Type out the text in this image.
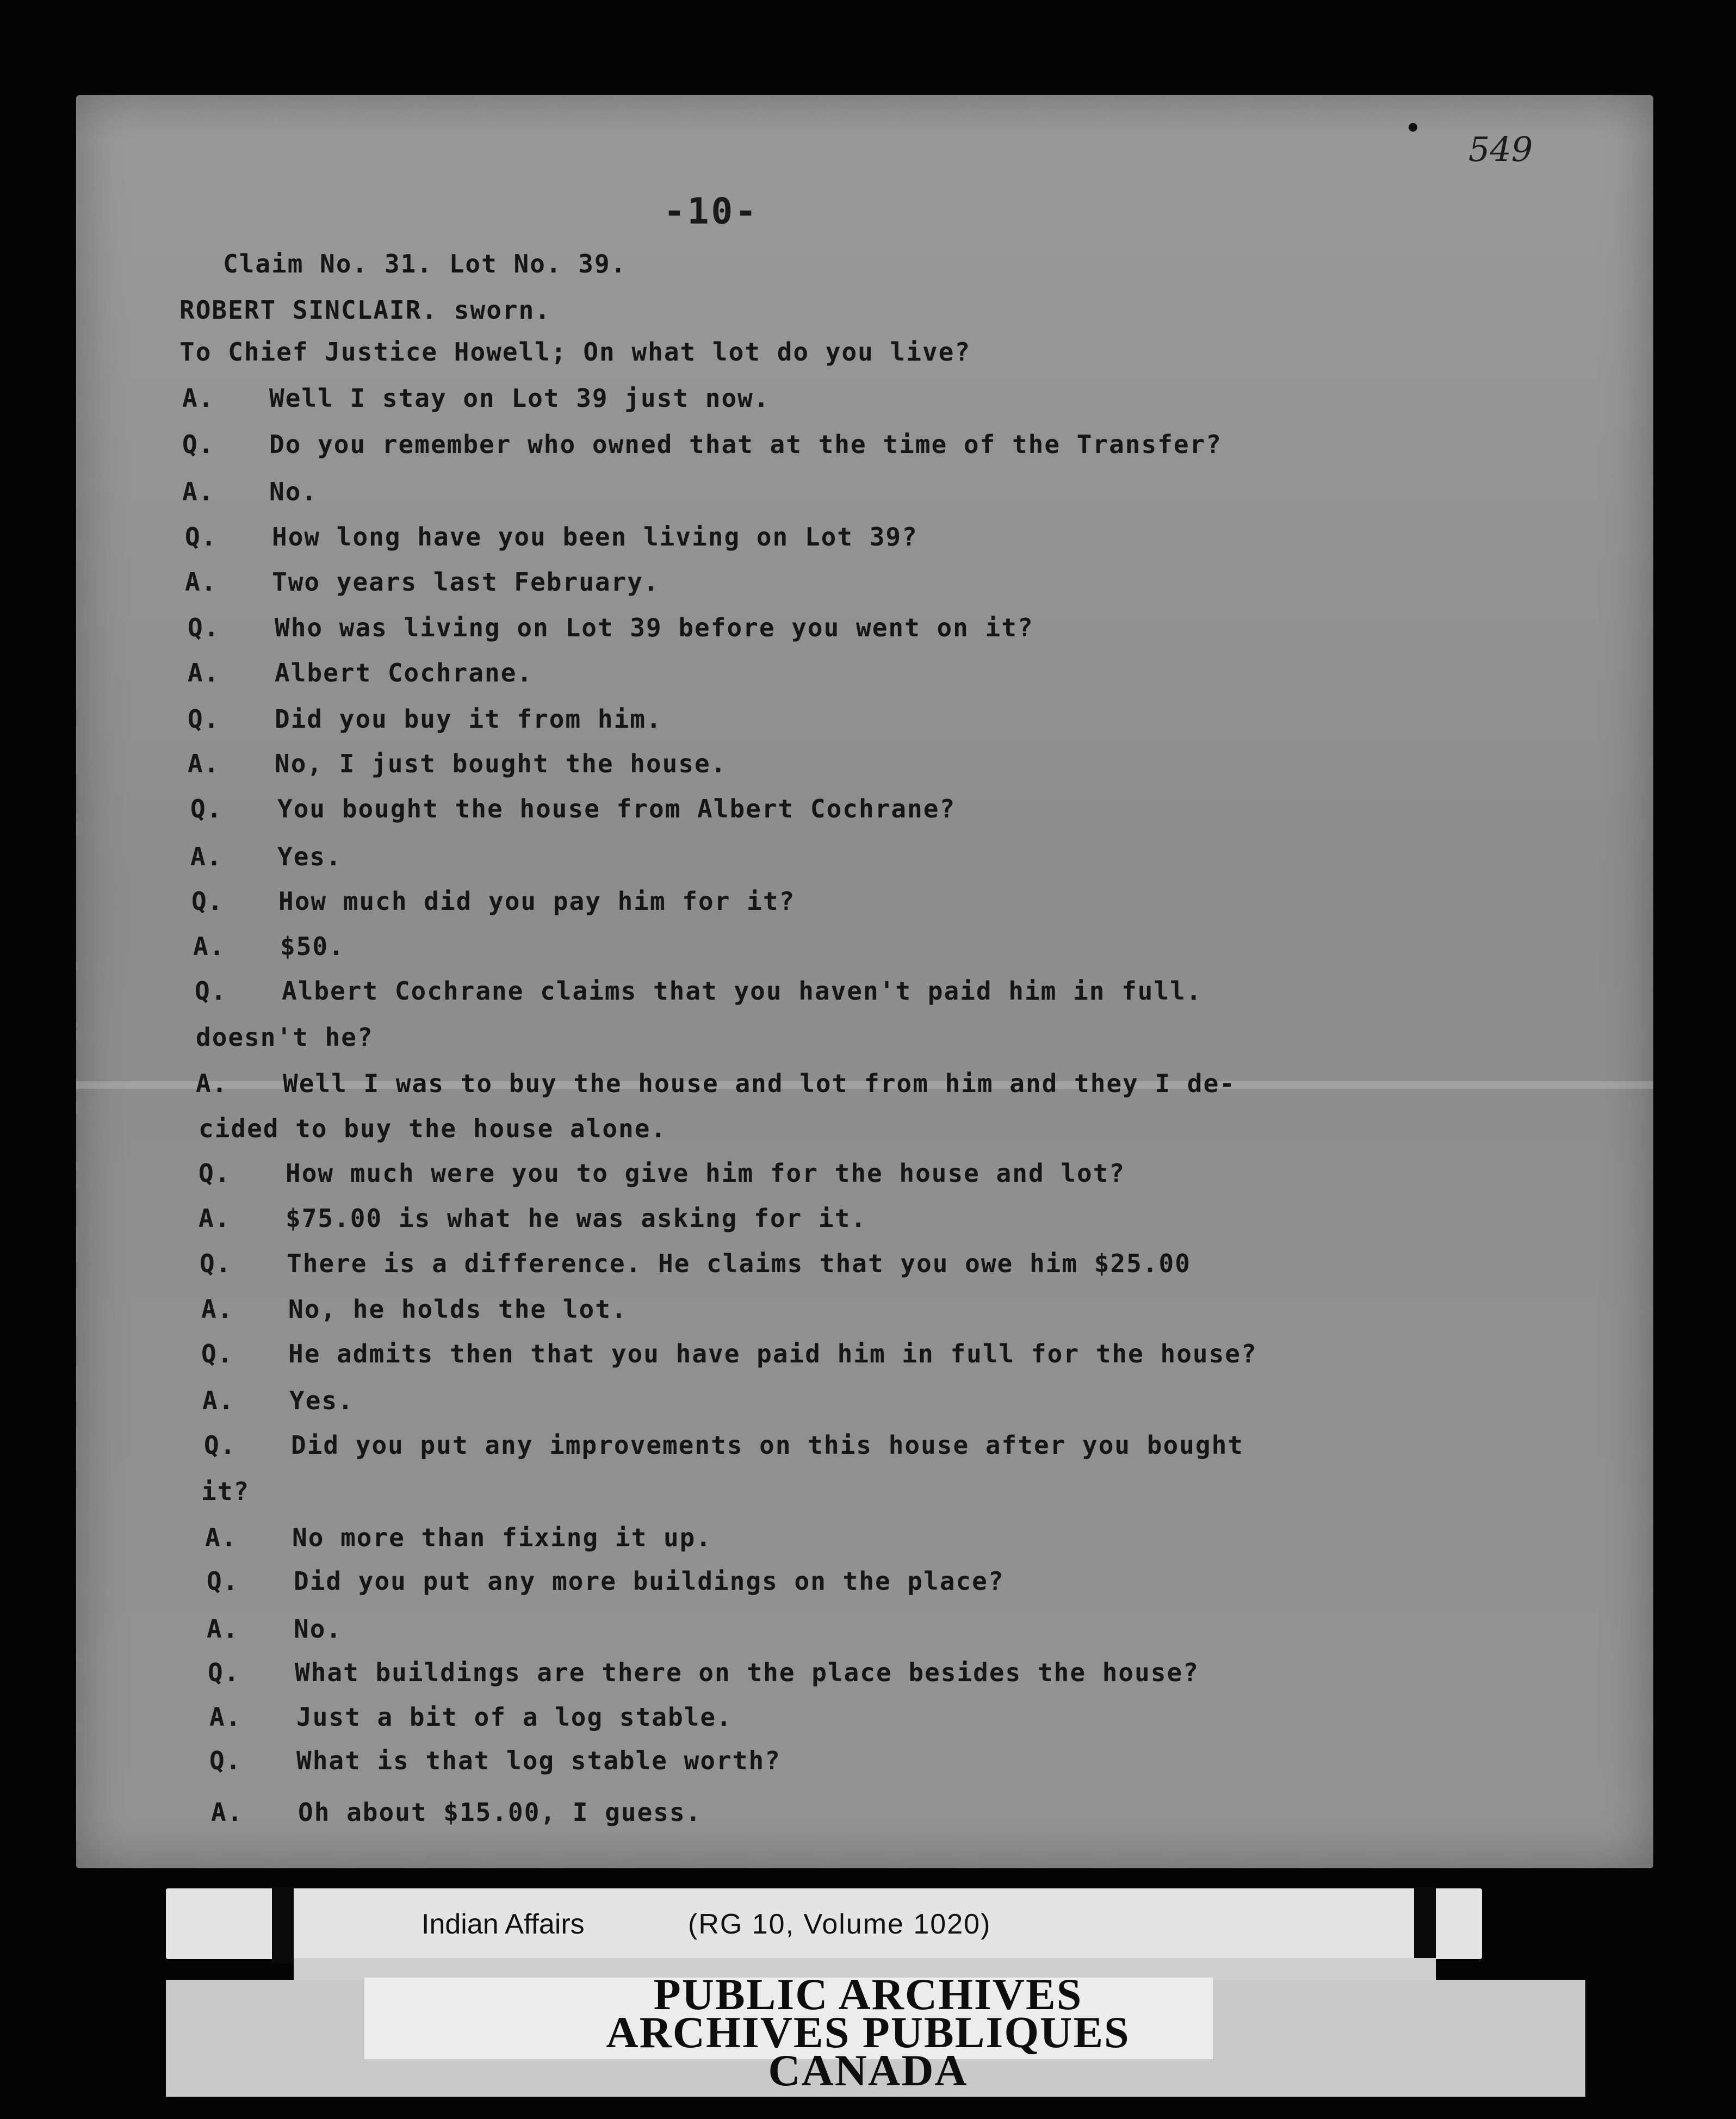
549
-10-
Claim No. 31. Lot No. 39.
ROBERT SINCLAIR. sworn.
To Chief Justice Howell; On what lot do you live?
A. Well I stay on Lot 39 just now.
Q. Do you remember who owned that at the time of the Transfer?
A. No.
Q. How long have you been living on Lot 39?
A. Two years last February.
Q. Who was living on Lot 39 before you went on it?
A. Albert Cochrane.
Q. Did you buy it from him.
A. No, I just bought the house.
Q. You bought the house from Albert Cochrane?
A. Yes.
Q. How much did you pay him for it?
A. $50.
Q. Albert Cochrane claims that you haven't paid him in full.
doesn't he?
A. Well I was to buy the house and lot from him and they I de-
cided to buy the house alone.
Q. How much were you to give him for the house and lot?
A. $75.00 is what he was asking for it.
Q. There is a difference. He claims that you owe him $25.00
A. No, he holds the lot.
Q. He admits then that you have paid him in full for the house?
A. Yes.
Q. Did you put any improvements on this house after you bought
it?
A. No more than fixing it up.
Q. Did you put any more buildings on the place?
A. No.
Q. What buildings are there on the place besides the house?
A. Just a bit of a log stable.
Q. What is that log stable worth?
A. Oh about $15.00, I guess.
Indian Affairs	(RG 10, Volume 1020)
PUBLIC ARCHIVES
ARCHIVES PUBLIQUES
CANADA
